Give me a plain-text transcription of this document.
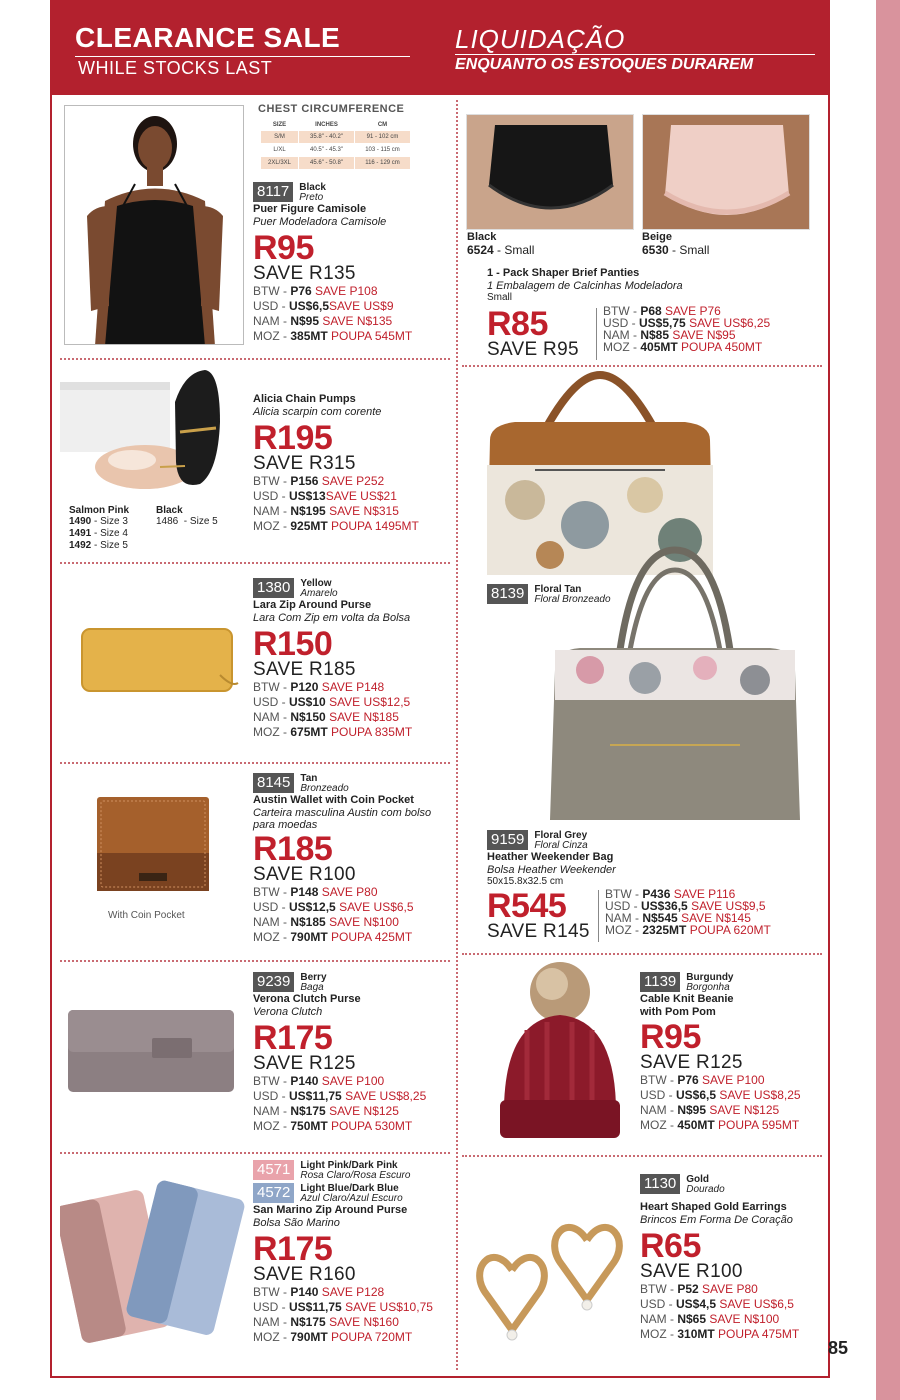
CLEARANCE SALE
WHILE STOCKS LAST
LIQUIDAÇÃO
ENQUANTO OS ESTOQUES DURAREM
CHEST CIRCUMFERENCE
SIZE	INCHES	CM
S/M	35.8" - 40.2"	91 - 102 cm
L/XL	40.5" - 45.3"	103 - 115 cm
2XL/3XL	45.6" - 50.8"	116 - 129 cm
8117	Black
Preto
Puer Figure Camisole
Puer Modeladora Camisole
R95
SAVE R135
BTW - P76 SAVE P108
USD - US$6,5SAVE US$9
NAM - N$95 SAVE N$135
MOZ - 385MT POUPA 545MT
Black
6524 - Small
Beige
6530 - Small
1 - Pack Shaper Brief Panties
1 Embalagem de Calcinhas Modeladora
Small
R85
SAVE R95
BTW - P68 SAVE P76
USD - US$5,75 SAVE US$6,25
NAM - N$85 SAVE N$95
MOZ - 405MT POUPA 450MT
Salmon Pink
1490 - Size 3
1491 - Size 4
1492 - Size 5
Black
1486  - Size 5
Alicia Chain Pumps
Alicia scarpin com corente
R195
SAVE R315
BTW - P156 SAVE P252
USD - US$13SAVE US$21
NAM - N$195 SAVE N$315
MOZ - 925MT POUPA 1495MT
1380	Yellow
Amarelo
Lara Zip Around Purse
Lara Com Zip em volta da Bolsa
R150
SAVE R185
BTW - P120 SAVE P148
USD - US$10 SAVE US$12,5
NAM - N$150 SAVE N$185
MOZ - 675MT POUPA 835MT
With Coin Pocket
8145	Tan
Bronzeado
Austin Wallet with Coin Pocket
Carteira masculina Austin com bolso para moedas
R185
SAVE R100
BTW - P148 SAVE P80
USD - US$12,5 SAVE US$6,5
NAM - N$185 SAVE N$100
MOZ - 790MT POUPA 425MT
9239	Berry
Baga
Verona Clutch Purse
Verona Clutch
R175
SAVE R125
BTW - P140 SAVE P100
USD - US$11,75 SAVE US$8,25
NAM - N$175 SAVE N$125
MOZ - 750MT POUPA 530MT
4571	Light Pink/Dark Pink
Rosa Claro/Rosa Escuro
4572	Light Blue/Dark Blue
Azul Claro/Azul Escuro
San Marino Zip Around Purse
Bolsa São Marino
R175
SAVE R160
BTW - P140 SAVE P128
USD - US$11,75 SAVE US$10,75
NAM - N$175 SAVE N$160
MOZ - 790MT POUPA 720MT
8139	Floral Tan
Floral Bronzeado
9159	Floral Grey
Floral Cinza
Heather Weekender Bag
Bolsa Heather Weekender
50x15.8x32.5 cm
R545
SAVE R145
BTW - P436 SAVE P116
USD - US$36,5 SAVE US$9,5
NAM - N$545 SAVE N$145
MOZ - 2325MT POUPA 620MT
1139	Burgundy
Borgonha
Cable Knit Beanie
with Pom Pom
R95
SAVE R125
BTW - P76 SAVE P100
USD - US$6,5 SAVE US$8,25
NAM - N$95 SAVE N$125
MOZ - 450MT POUPA 595MT
1130	Gold
Dourado
Heart Shaped Gold Earrings
Brincos Em Forma De Coração
R65
SAVE R100
BTW - P52 SAVE P80
USD - US$4,5 SAVE US$6,5
NAM - N$65 SAVE N$100
MOZ - 310MT POUPA 475MT
85
